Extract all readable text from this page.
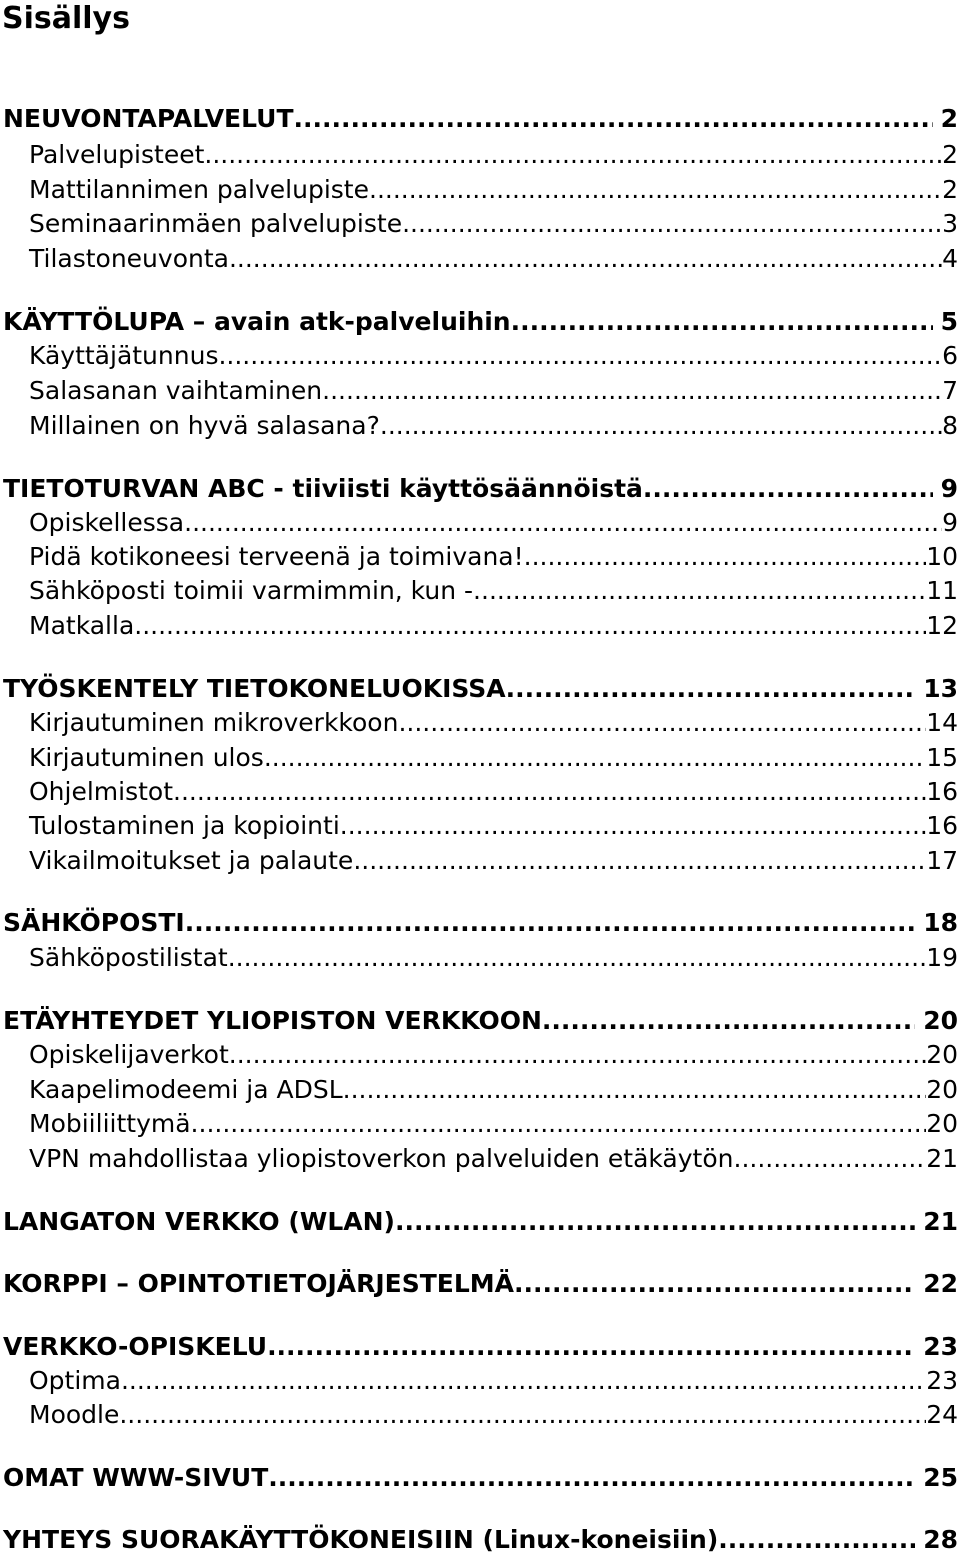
Sisällys
NEUVONTAPALVELUT .....	2
Palvelupisteet .....	2
Mattilannimen palvelupiste .....	2
Seminaarinmäen palvelupiste .....	3
Tilastoneuvonta .....	4
KÄYTTÖLUPA – avain atk-palveluihin .....	5
Käyttäjätunnus .....	6
Salasanan vaihtaminen .....	7
Millainen on hyvä salasana? .....	8
TIETOTURVAN ABC - tiiviisti käyttösäännöistä .....	9
Opiskellessa .....	9
Pidä kotikoneesi terveenä ja toimivana! .....	10
Sähköposti toimii varmimmin, kun - .....	11
Matkalla .....	12
TYÖSKENTELY TIETOKONELUOKISSA .....	13
Kirjautuminen mikroverkkoon .....	14
Kirjautuminen ulos .....	15
Ohjelmistot .....	16
Tulostaminen ja kopiointi .....	16
Vikailmoitukset ja palaute .....	17
SÄHKÖPOSTI .....	18
Sähköpostilistat .....	19
ETÄYHTEYDET YLIOPISTON VERKKOON .....	20
Opiskelijaverkot .....	20
Kaapelimodeemi ja ADSL .....	20
Mobiiliittymä .....	20
VPN mahdollistaa yliopistoverkon palveluiden etäkäytön .....	21
LANGATON VERKKO (WLAN) .....	21
KORPPI – OPINTOTIETOJÄRJESTELMÄ .....	22
VERKKO-OPISKELU .....	23
Optima .....	23
Moodle .....	24
OMAT WWW-SIVUT .....	25
YHTEYS SUORAKÄYTTÖKONEISIIN (Linux-koneisiin) .....	28
